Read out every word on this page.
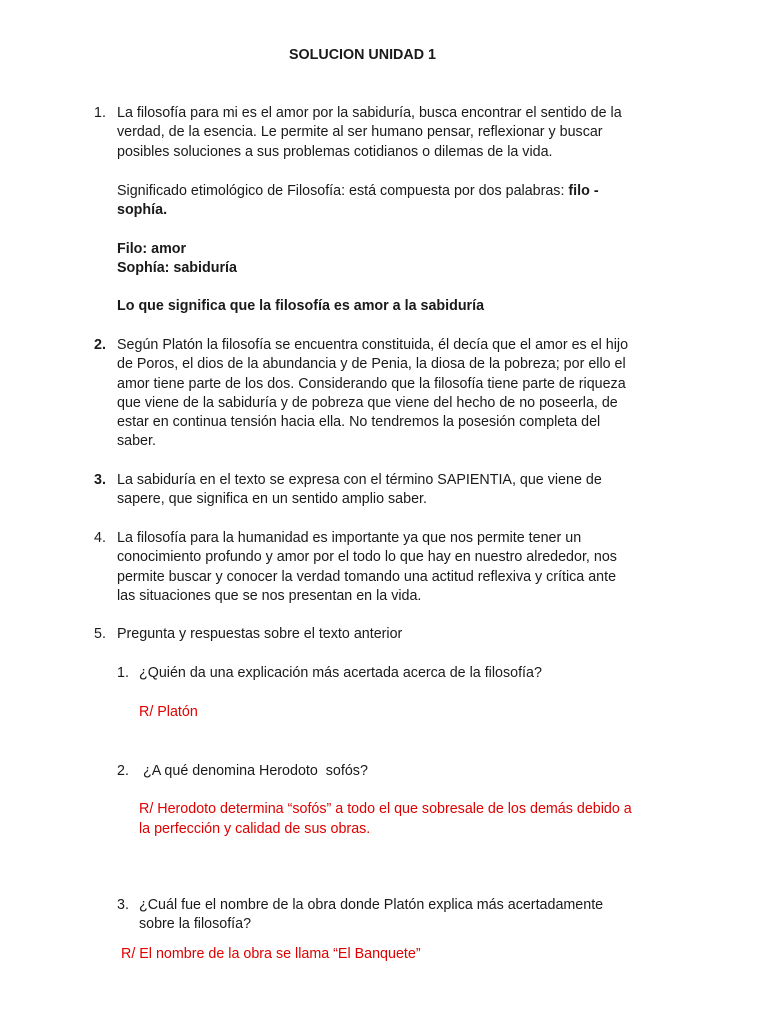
SOLUCION UNIDAD 1
1. La filosofía para mi es el amor por la sabiduría, busca encontrar el sentido de la
verdad, de la esencia. Le permite al ser humano pensar, reflexionar y buscar
posibles soluciones a sus problemas cotidianos o dilemas de la vida.
Significado etimológico de Filosofía: está compuesta por dos palabras: filo -
sophía.
Filo: amor
Sophía: sabiduría
Lo que significa que la filosofía es amor a la sabiduría
2. Según Platón la filosofía se encuentra constituida, él decía que el amor es el hijo
de Poros, el dios de la abundancia y de Penia, la diosa de la pobreza; por ello el
amor tiene parte de los dos. Considerando que la filosofía tiene parte de riqueza
que viene de la sabiduría y de pobreza que viene del hecho de no poseerla, de
estar en continua tensión hacia ella. No tendremos la posesión completa del
saber.
3. La sabiduría en el texto se expresa con el término SAPIENTIA, que viene de
sapere, que significa en un sentido amplio saber.
4. La filosofía para la humanidad es importante ya que nos permite tener un
conocimiento profundo y amor por el todo lo que hay en nuestro alrededor, nos
permite buscar y conocer la verdad tomando una actitud reflexiva y crítica ante
las situaciones que se nos presentan en la vida.
5. Pregunta y respuestas sobre el texto anterior
1. ¿Quién da una explicación más acertada acerca de la filosofía?
R/ Platón
2. ¿A qué denomina Herodoto  sofós?
R/ Herodoto determina “sofós” a todo el que sobresale de los demás debido a
la perfección y calidad de sus obras.
3. ¿Cuál fue el nombre de la obra donde Platón explica más acertadamente
sobre la filosofía?
R/ El nombre de la obra se llama “El Banquete”
